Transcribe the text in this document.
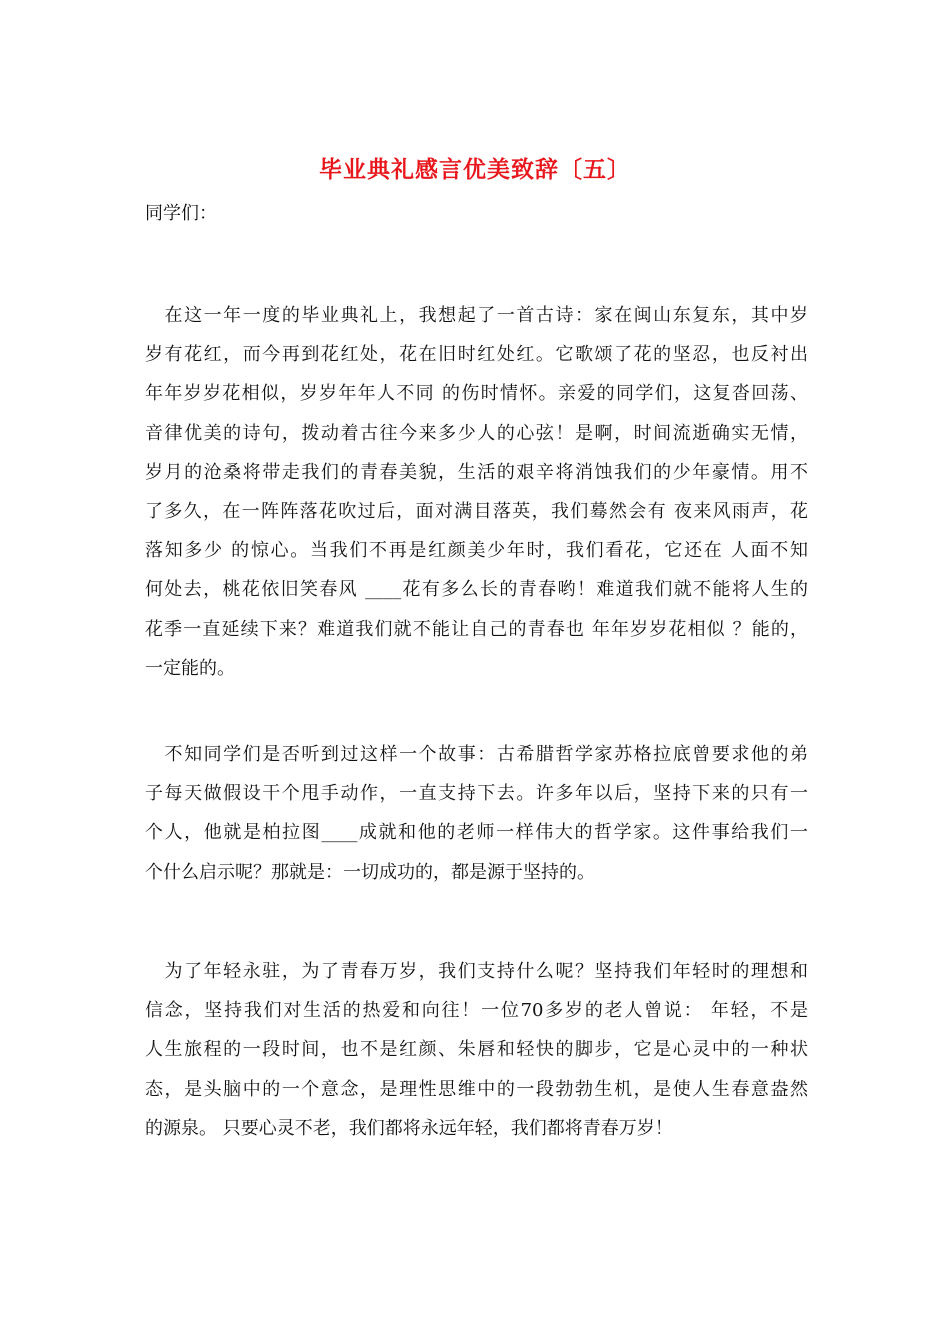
毕业典礼感言优美致辞〔五〕
同学们：
　在这一年一度的毕业典礼上，我想起了一首古诗：家在闽山东复东，其中岁
岁有花红，而今再到花红处，花在旧时红处红。它歌颂了花的坚忍，也反衬出
年年岁岁花相似，岁岁年年人不同 的伤时情怀。亲爱的同学们，这复沓回荡、
音律优美的诗句，拨动着古往今来多少人的心弦！是啊，时间流逝确实无情，
岁月的沧桑将带走我们的青春美貌，生活的艰辛将消蚀我们的少年豪情。用不
了多久，在一阵阵落花吹过后，面对满目落英，我们蓦然会有 夜来风雨声，花
落知多少 的惊心。当我们不再是红颜美少年时，我们看花，它还在 人面不知
何处去，桃花依旧笑春风 ____花有多么长的青春哟！难道我们就不能将人生的
花季一直延续下来？难道我们就不能让自己的青春也 年年岁岁花相似 ？能的，
一定能的。
　不知同学们是否听到过这样一个故事：古希腊哲学家苏格拉底曾要求他的弟
子每天做假设干个甩手动作，一直支持下去。许多年以后，坚持下来的只有一
个人，他就是柏拉图____成就和他的老师一样伟大的哲学家。这件事给我们一
个什么启示呢？那就是：一切成功的，都是源于坚持的。
　为了年轻永驻，为了青春万岁，我们支持什么呢？坚持我们年轻时的理想和
信念，坚持我们对生活的热爱和向往！一位70多岁的老人曾说： 年轻，不是
人生旅程的一段时间，也不是红颜、朱唇和轻快的脚步，它是心灵中的一种状
态，是头脑中的一个意念，是理性思维中的一段勃勃生机，是使人生春意盎然
的源泉。 只要心灵不老，我们都将永远年轻，我们都将青春万岁！
